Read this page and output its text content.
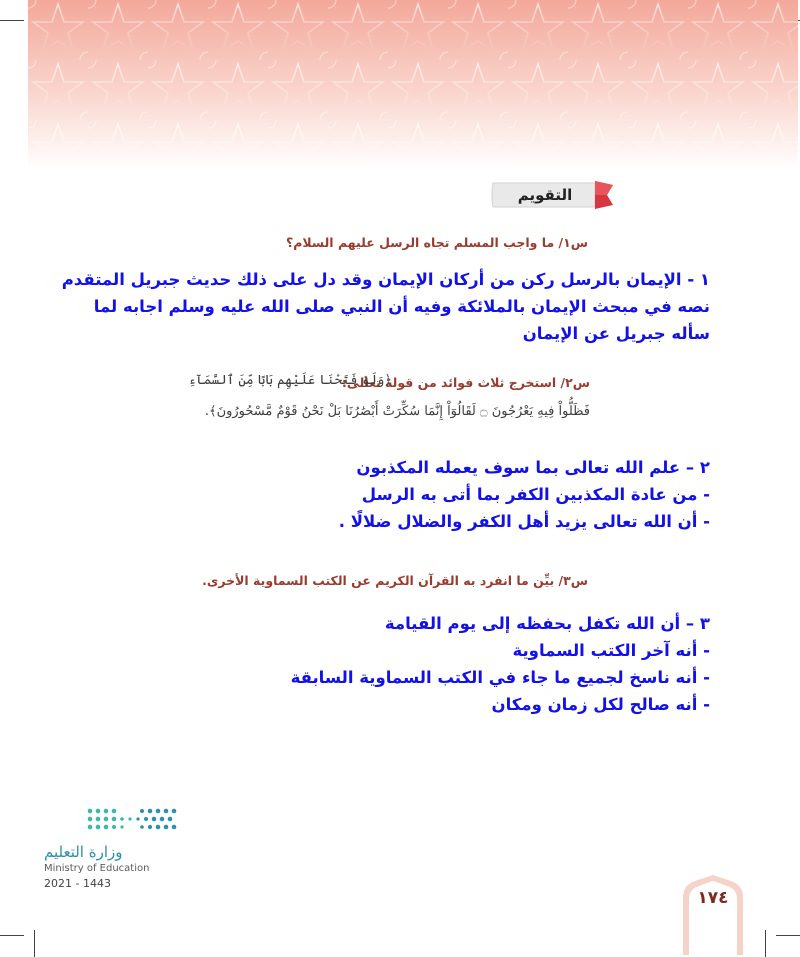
التقويم
س١/ ما واجب المسلم تجاه الرسل عليهم السلام؟
١ - الإيمان بالرسل ركن من أركان الإيمان وقد دل على ذلك حديث جبريل المتقدم
نصه في مبحث الإيمان بالملائكة وفيه أن النبي صلى الله عليه وسلم اجابه لما
سأله جبريل عن الإيمان
س٢/ استخرج ثلاث فوائد من قوله تعالى:
﴿وَلَوْ فَتَحْنَا عَلَيْهِم بَابًا مِّنَ ٱلسَّمَآءِ
فَظَلُّواْ فِيهِ يَعْرُجُونَ ۝ لَقَالُوٓاْ إِنَّمَا سُكِّرَتْ أَبْصَٰرُنَا بَلْ نَحْنُ قَوْمٌ مَّسْحُورُونَ﴾.
٢ – علم الله تعالى بما سوف يعمله المكذبون
- من عادة المكذبين الكفر بما أتى به الرسل
- أن الله تعالى يزيد أهل الكفر والضلال ضلالًا .
س٣/ بيِّن ما انفرد به القرآن الكريم عن الكتب السماوية الأخرى.
٣ – أن الله تكفل بحفظه إلى يوم القيامة
- أنه آخر الكتب السماوية
- أنه ناسخ لجميع ما جاء في الكتب السماوية السابقة
- أنه صالح لكل زمان ومكان
وزارة التعليم
Ministry of Education
2021 - 1443
١٧٤
